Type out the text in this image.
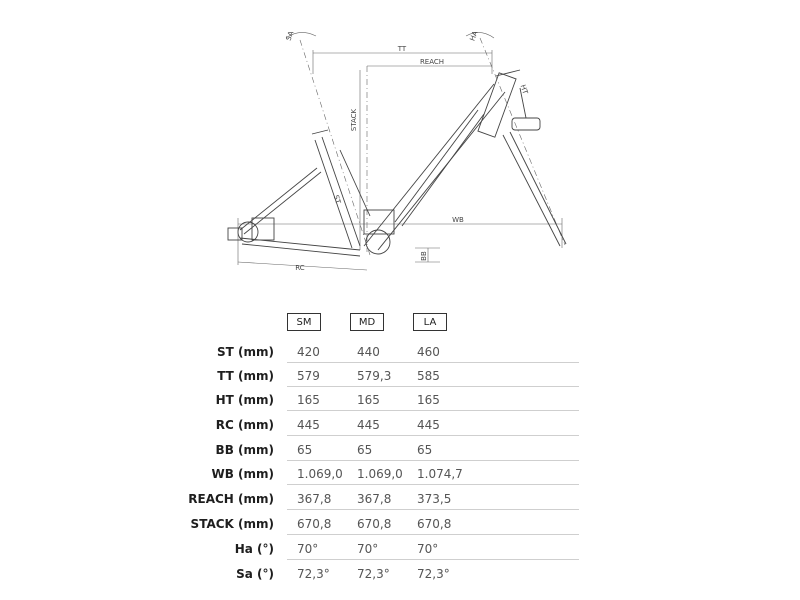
TT
REACH
STACK
ST
HT
WB
RC
BB
SA	HA
SM	MD	LA
ST (mm) 420	440	460
TT (mm) 579	579,3 585
HT (mm) 165	165	165
RC (mm) 445	445	445
BB (mm) 65	65	65
WB (mm) 1.069,0 1.069,0 1.074,7
REACH (mm) 367,8 367,8 373,5
STACK (mm) 670,8 670,8 670,8
Ha (°) 70°	70°	70°
Sa (°) 72,3° 72,3° 72,3°
